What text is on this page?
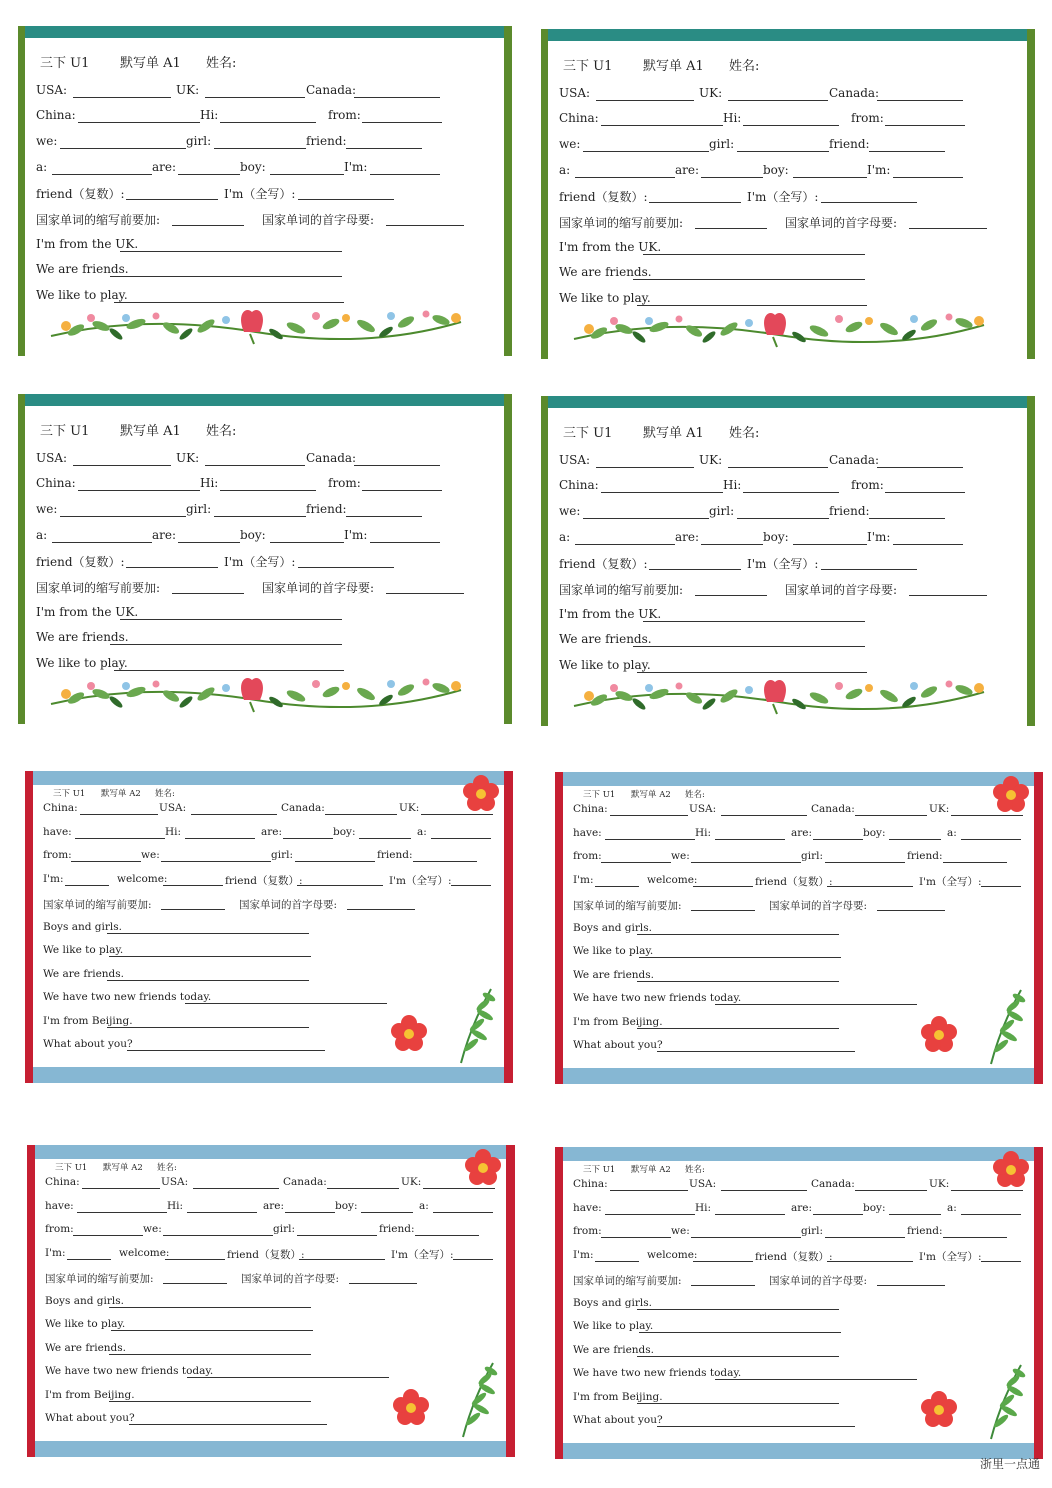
三下 U1 默写单 A1 姓名:
USA:	UK:	Canada:
China:	Hi:	from:
we:	girl:	friend:
a:	are:	boy:	I'm:
friend（复数）:	I'm（全写）:
国家单词的缩写前要加:	国家单词的首字母要:
I'm from the UK.
We are friends.
We like to play.
三下 U1 默写单 A1 姓名:
USA:	UK:	Canada:
China:	Hi:	from:
we:	girl:	friend:
a:	are:	boy:	I'm:
friend（复数）:	I'm（全写）:
国家单词的缩写前要加:	国家单词的首字母要:
I'm from the UK.
We are friends.
We like to play.
三下 U1 默写单 A1 姓名:
USA:	UK:	Canada:
China:	Hi:	from:
we:	girl:	friend:
a:	are:	boy:	I'm:
friend（复数）:	I'm（全写）:
国家单词的缩写前要加:	国家单词的首字母要:
I'm from the UK.
We are friends.
We like to play.
三下 U1 默写单 A1 姓名:
USA:	UK:	Canada:
China:	Hi:	from:
we:	girl:	friend:
a:	are:	boy:	I'm:
friend（复数）:	I'm（全写）:
国家单词的缩写前要加:	国家单词的首字母要:
I'm from the UK.
We are friends.
We like to play.
三下 U1 默写单 A2 姓名:
China:	USA:	Canada:	UK:
have:	Hi:	are:	boy:	a:
from:	we:	girl:	friend:
I'm:	welcome:	friend（复数）:	I'm（全写）:
国家单词的缩写前要加:	国家单词的首字母要:
Boys and girls.
We like to play.
We are friends.
We have two new friends today.
I'm from Beijing.
What about you?
三下 U1 默写单 A2 姓名:
China:	USA:	Canada:	UK:
have:	Hi:	are:	boy:	a:
from:	we:	girl:	friend:
I'm:	welcome:	friend（复数）:	I'm（全写）:
国家单词的缩写前要加:	国家单词的首字母要:
Boys and girls.
We like to play.
We are friends.
We have two new friends today.
I'm from Beijing.
What about you?
三下 U1 默写单 A2 姓名:
China:	USA:	Canada:	UK:
have:	Hi:	are:	boy:	a:
from:	we:	girl:	friend:
I'm:	welcome:	friend（复数）:	I'm（全写）:
国家单词的缩写前要加:	国家单词的首字母要:
Boys and girls.
We like to play.
We are friends.
We have two new friends today.
I'm from Beijing.
What about you?
三下 U1 默写单 A2 姓名:
China:	USA:	Canada:	UK:
have:	Hi:	are:	boy:	a:
from:	we:	girl:	friend:
I'm:	welcome:	friend（复数）:	I'm（全写）:
国家单词的缩写前要加:	国家单词的首字母要:
Boys and girls.
We like to play.
We are friends.
We have two new friends today.
I'm from Beijing.
What about you?
浙里一点通
